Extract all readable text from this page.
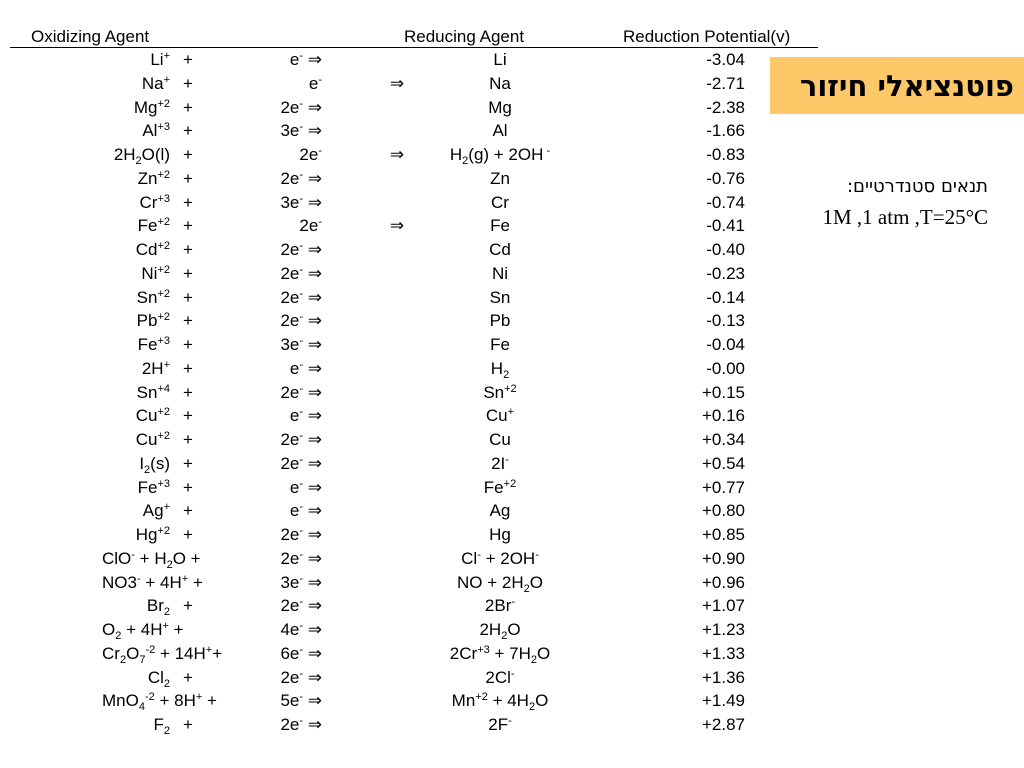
Oxidizing Agent	Reducing Agent	Reduction Potential(v)
Li+ +	e- ⇒	Li	-3.04
Na+ +	e-	⇒	Na	-2.71
$Mg^{+2}$ +	2e- ⇒	Mg	-2.38
$Al^{+3}$ +	3e- ⇒	Al	-1.66
$2H_2O(l)$ +	2e-	⇒	$H_2(g) + 2OH$ -	-0.83
$Zn^{+2}$ +	2e- ⇒	Zn	-0.76
$Cr^{+3}$ +	3e- ⇒	Cr	-0.74
$Fe^{+2}$ +	2e-	⇒	Fe	-0.41
$Cd^{+2}$ +	2e- ⇒	Cd	-0.40
$Ni^{+2}$ +	2e- ⇒	Ni	-0.23
$Sn^{+2}$ +	2e- ⇒	Sn	-0.14
$Pb^{+2}$ +	2e- ⇒	Pb	-0.13
$Fe^{+3}$ +	3e- ⇒	Fe	-0.04
2H+ +	e- ⇒	$H_2$	-0.00
$Sn^{+4}$ +	2e- ⇒	$Sn^{+2}$	+0.15
$Cu^{+2}$ +	e- ⇒	Cu+	+0.16
$Cu^{+2}$ +	2e- ⇒	Cu	+0.34
$I_2(s)$ +	2e- ⇒	2I-	+0.54
$Fe^{+3}$ +	e- ⇒	$Fe^{+2}$	+0.77
Ag+ +	e- ⇒	Ag	+0.80
$Hg^{+2}$ +	2e- ⇒	Hg	+0.85
$ClO^- + H_2O$ +	2e- ⇒	Cl- + 2OH-	+0.90
NO3- + 4H+ +	3e- ⇒	NO + $2H_2O$	+0.96
$Br_2$ +	2e- ⇒	2Br-	+1.07
$O_2 + 4H^+$ +	4e- ⇒	$2H_2O$	+1.23
$Cr_2O_7^{-2} + 14H^++$	6e- ⇒	$2Cr^{+3} + 7H_2O$	+1.33
$Cl_2$ +	2e- ⇒	2Cl-	+1.36
MnO$_4^{-2}$ + 8H+ +	5e- ⇒	$Mn^{+2} + 4H_2O$	+1.49
$F_2$ +	2e- ⇒	2F-	+2.87
פוטנציאלי חיזור
תנאים סטנדרטיים:
1M ,1 atm ,T=25°C
